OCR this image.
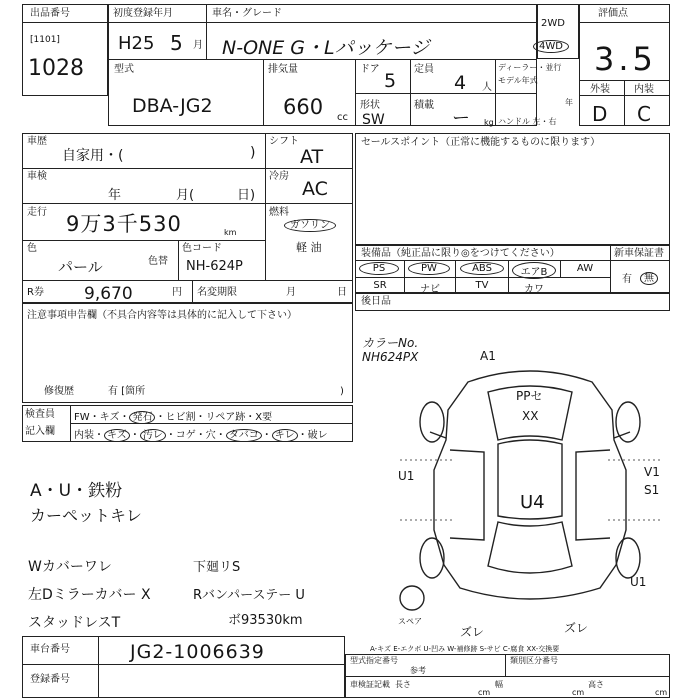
出品番号
[1101]
1028
初度登録年月	車名・グレード
H25 5 月 N-ONE G・Lパッケージ
型式
DBA-JG2
排気量
660 cc
ドア
5
定員
4 人
形状
SW
積載
ー kg
ディーラー・並行
モデル年式
年
ハンドル 左・右
2WD
4WD
評価点
3.5
外装 内装
D C
車歴
自家用・(	)
シフト
AT
車検
年	月(	日)
冷房
AC
走行 9万3千530	km
燃料
ガソリン
軽 油
色
パール	色替
色コード
NH-624P
R券 9,670	円 名変期限	月	日
注意事項申告欄（不具合内容等は具体的に記入して下さい）
修復歴	有 [箇所	)
検査員
記入欄
FW・キズ・ 発石 ・ヒビ割・リペア跡・X要
内装・ キズ ・ 汚レ ・コゲ・穴・ タバコ ・ キレ ・破レ
A・U・鉄粉
カーペットキレ
Wカバーワレ	下廻リS
左Dミラーカバー X	Rバンパーステー U
スタッドレスT	ボ93530km
車台番号	JG2-1006639
登録番号
セールスポイント（正常に機能するものに限ります）
装備品（純正品に限り◎をつけてください）	新車保証書
有	無
PS	PW	ABS	エアB	AW
SR	ナビ	TV	カワ
後日品
カラーNo.
NH624PX	A1
PPセ
XX
U1
U4
V1
S1
U1
スペア
ズレ	ズレ
A-キズ E-エクボ U-凹み W-補修跡 S-サビ C-腐食 XX-交換要
型式指定番号
参考
類別区分番号
車検証記載 長さ
cm
幅
cm
高さ
cm
